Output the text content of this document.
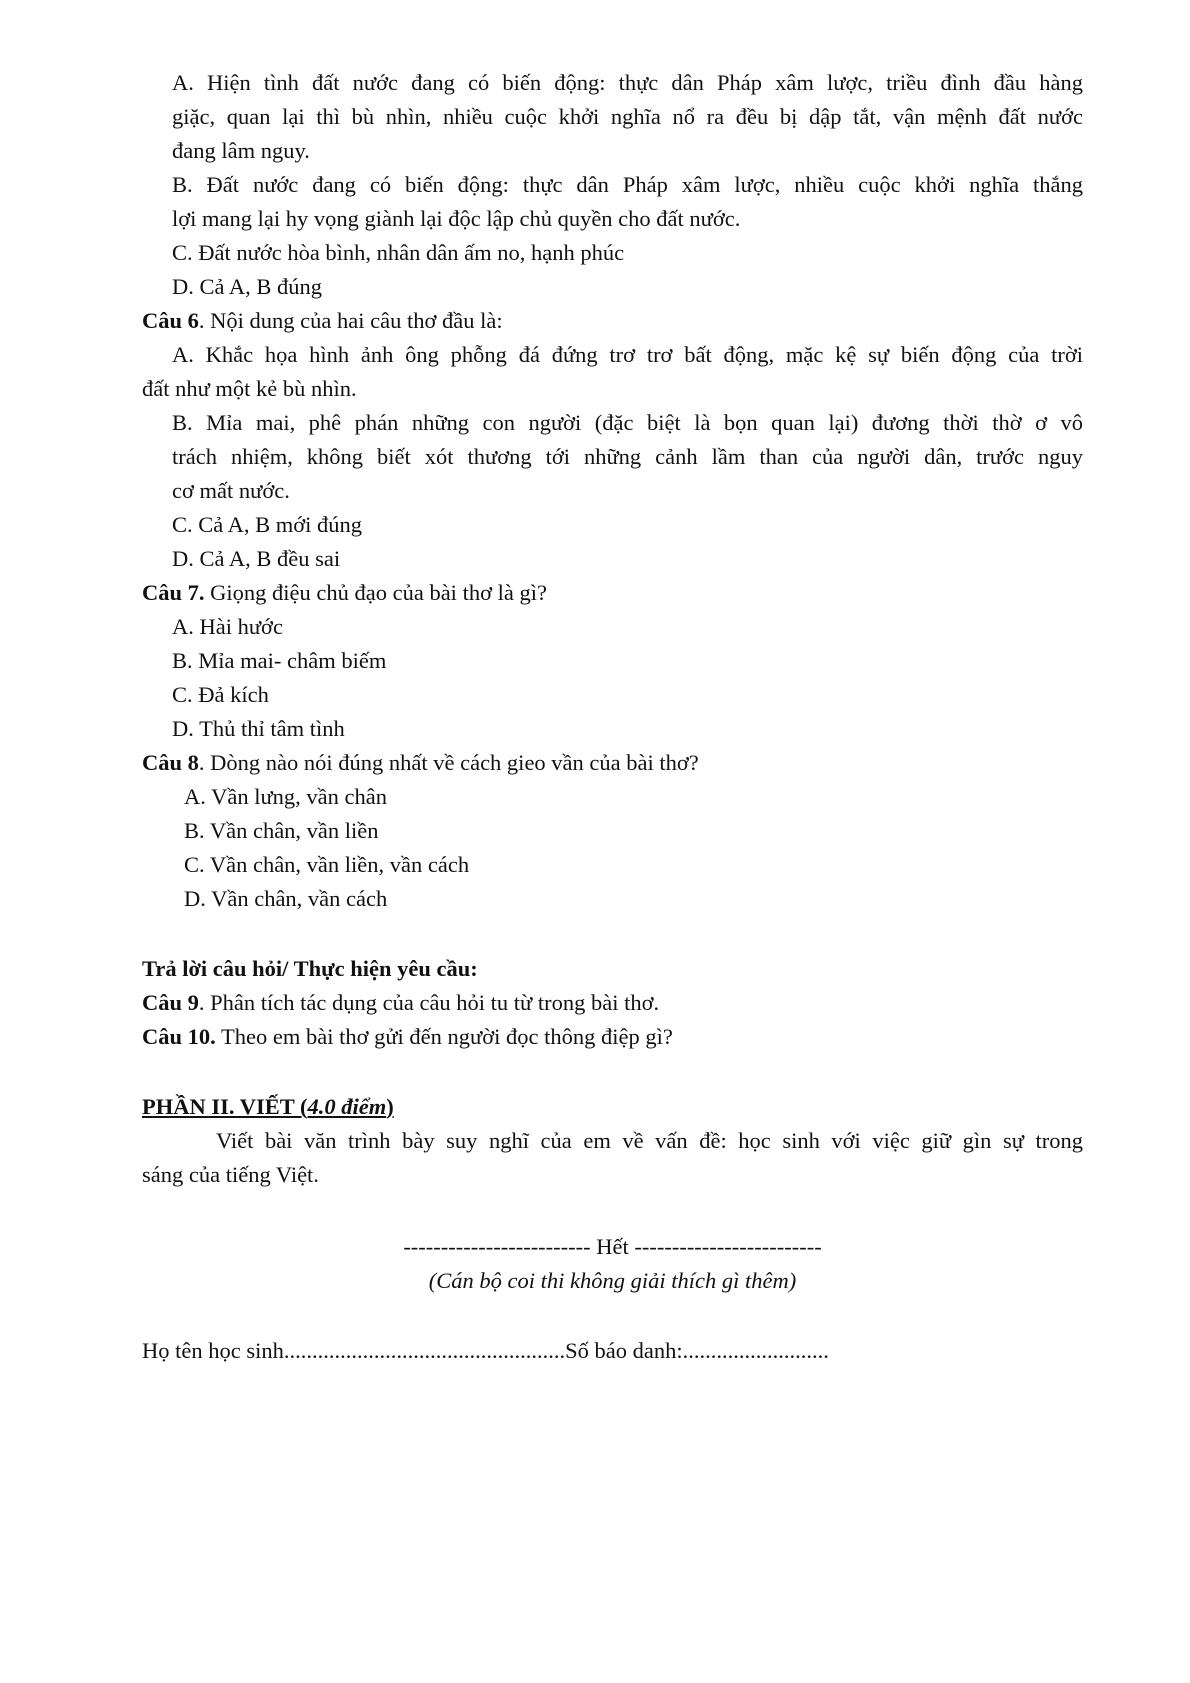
A. Hiện tình đất nước đang có biến động: thực dân Pháp xâm lược, triều đình đầu hàng
giặc, quan lại thì bù nhìn, nhiều cuộc khởi nghĩa nổ ra đều bị dập tắt, vận mệnh đất nước
đang lâm nguy.
B. Đất nước đang có biến động: thực dân Pháp xâm lược, nhiều cuộc khởi nghĩa thắng
lợi mang lại hy vọng giành lại độc lập chủ quyền cho đất nước.
C. Đất nước hòa bình, nhân dân ấm no, hạnh phúc
D. Cả A, B đúng
Câu 6. Nội dung của hai câu thơ đầu là:
A. Khắc họa hình ảnh ông phỗng đá đứng trơ trơ bất động, mặc kệ sự biến động của trời
đất như một kẻ bù nhìn.
B. Mỉa mai, phê phán những con người (đặc biệt là bọn quan lại) đương thời thờ ơ vô
trách nhiệm, không biết xót thương tới những cảnh lầm than của người dân, trước nguy
cơ mất nước.
C. Cả A, B mới đúng
D. Cả A, B đều sai
Câu 7. Giọng điệu chủ đạo của bài thơ là gì?
A. Hài hước
B. Mỉa mai- châm biếm
C. Đả kích
D. Thủ thỉ tâm tình
Câu 8. Dòng nào nói đúng nhất về cách gieo vần của bài thơ?
A. Vần lưng, vần chân
B. Vần chân, vần liền
C. Vần chân, vần liền, vần cách
D. Vần chân, vần cách
Trả lời câu hỏi/ Thực hiện yêu cầu:
Câu 9. Phân tích tác dụng của câu hỏi tu từ trong bài thơ.
Câu 10. Theo em bài thơ gửi đến người đọc thông điệp gì?
PHẦN II. VIẾT (4.0 điểm)
Viết bài văn trình bày suy nghĩ của em về vấn đề: học sinh với việc giữ gìn sự trong
sáng của tiếng Việt.
------------------------- Hết -------------------------
(Cán bộ coi thi không giải thích gì thêm)
Họ tên học sinh..................................................Số báo danh:..........................
